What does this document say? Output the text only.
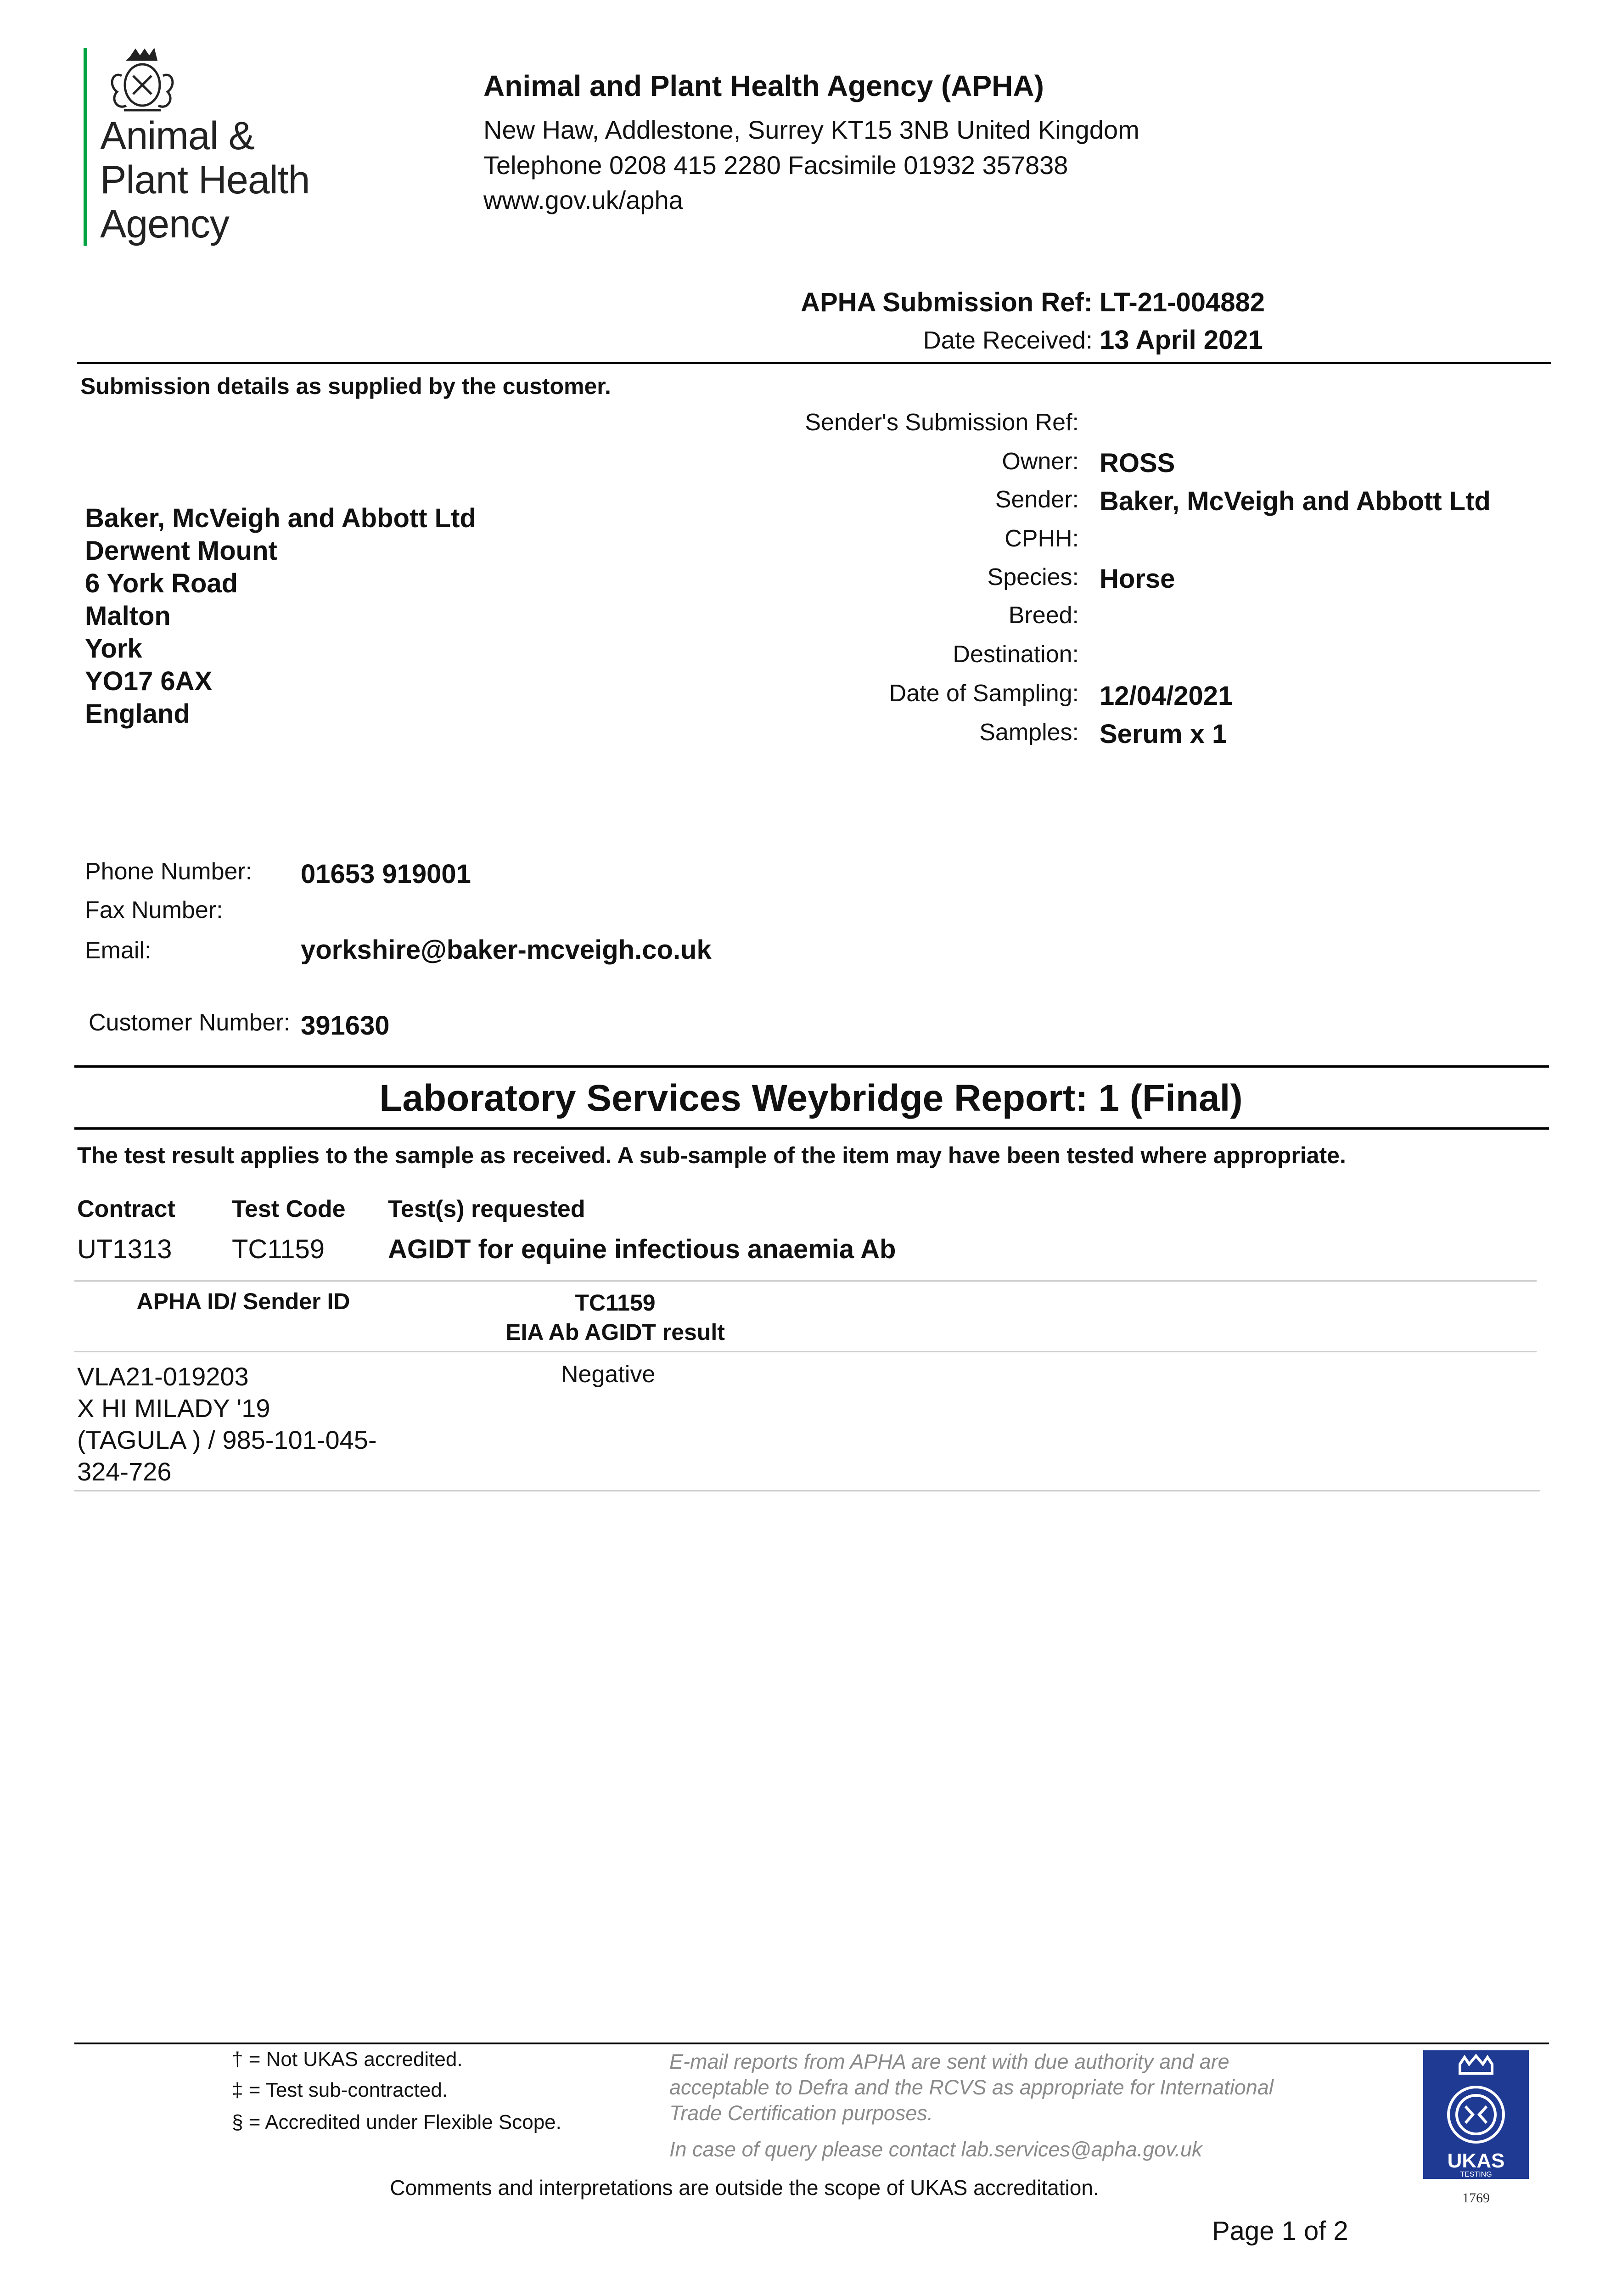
Animal &
Plant Health
Agency
Animal and Plant Health Agency (APHA)
New Haw, Addlestone, Surrey KT15 3NB United Kingdom
Telephone 0208 415 2280 Facsimile 01932 357838
www.gov.uk/apha
APHA Submission Ref: LT-21-004882
Date Received: 13 April 2021
Submission details as supplied by the customer.
Baker, McVeigh and Abbott Ltd
Derwent Mount
6 York Road
Malton
York
YO17 6AX
England
Sender's Submission Ref:
Owner: ROSS
Sender: Baker, McVeigh and Abbott Ltd
CPHH:
Species: Horse
Breed:
Destination:
Date of Sampling: 12/04/2021
Samples: Serum x 1
Phone Number: 01653 919001
Fax Number:
Email:	yorkshire@baker-mcveigh.co.uk
Customer Number: 391630
Laboratory Services Weybridge Report: 1 (Final)
The test result applies to the sample as received. A sub-sample of the item may have been tested where appropriate.
Contract Test Code Test(s) requested
UT1313 TC1159 AGIDT for equine infectious anaemia Ab
APHA ID/ Sender ID	TC1159
EIA Ab AGIDT result
VLA21-019203
X HI MILADY '19
(TAGULA ) / 985-101-045-
324-726
Negative
† = Not UKAS accredited.
‡ = Test sub-contracted.
§ = Accredited under Flexible Scope.
E-mail reports from APHA are sent with due authority and are
acceptable to Defra and the RCVS as appropriate for International
Trade Certification purposes.
In case of query please contact lab.services@apha.gov.uk
Comments and interpretations are outside the scope of UKAS accreditation.
Page 1 of 2
UKAS
TESTING
1769
